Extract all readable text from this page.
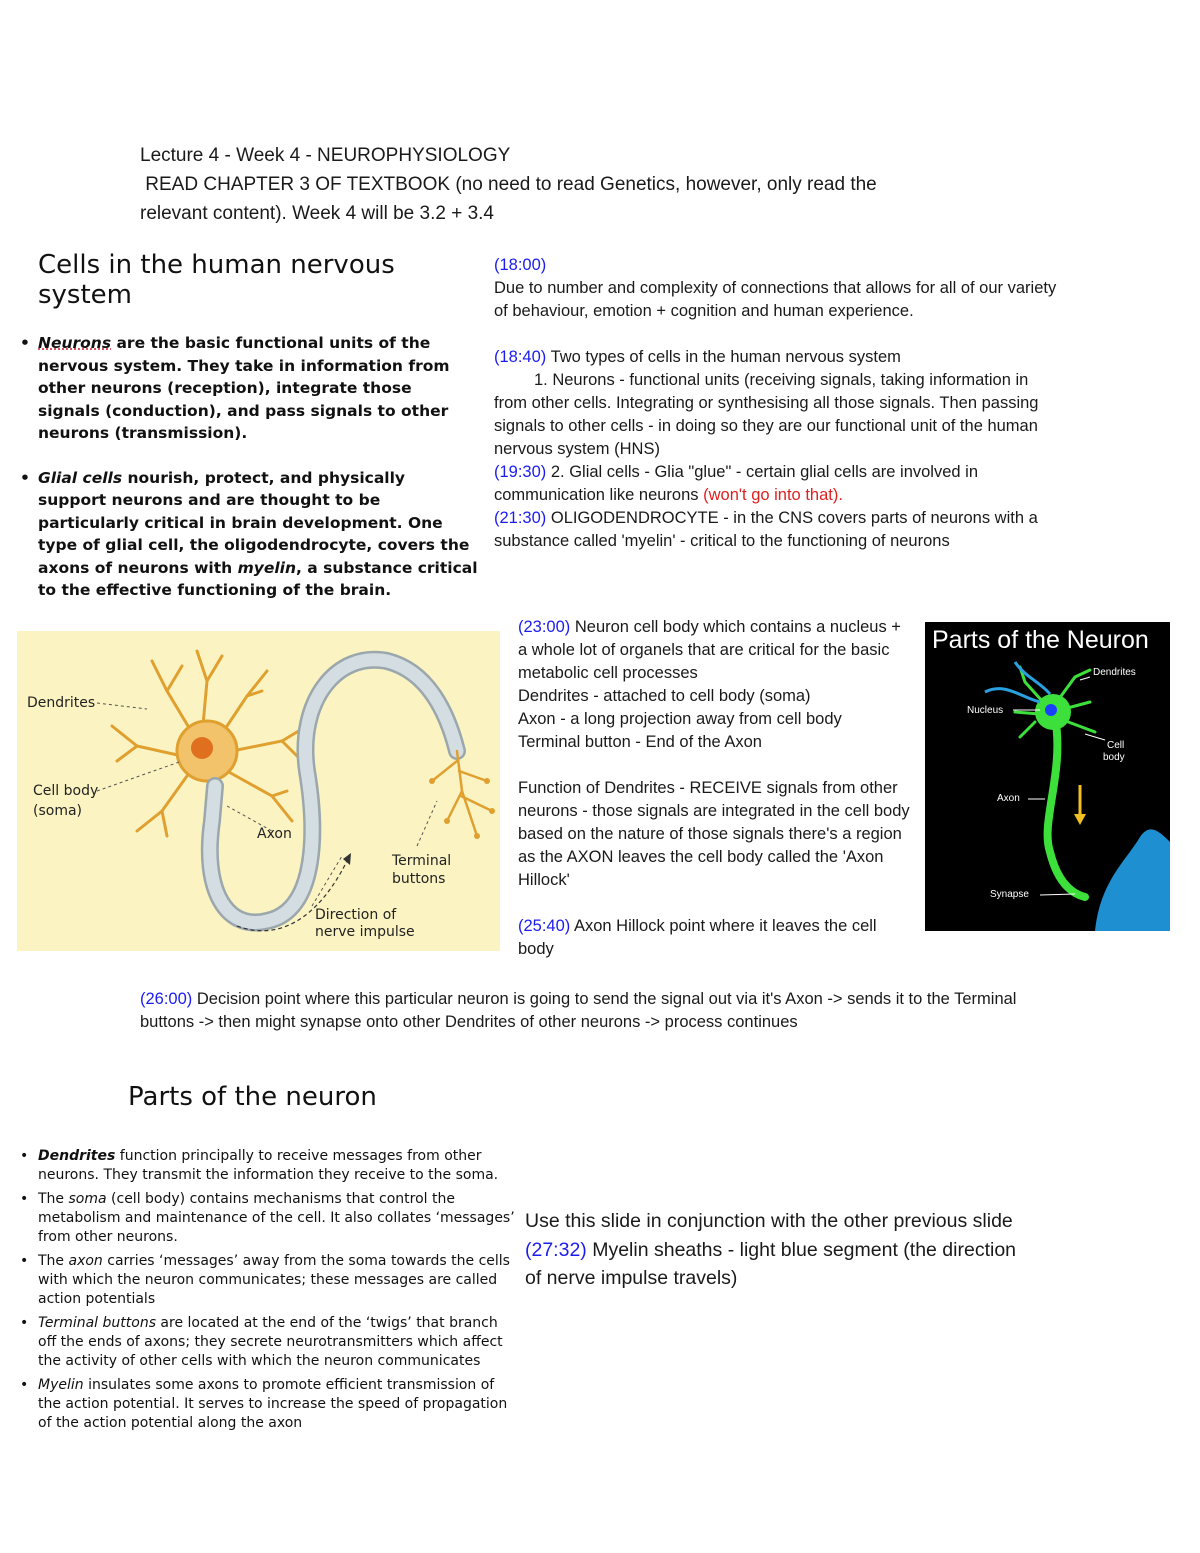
Lecture 4 - Week 4 - NEUROPHYSIOLOGY
READ CHAPTER 3 OF TEXTBOOK (no need to read Genetics, however, only read the
relevant content). Week 4 will be 3.2 + 3.4
Cells in the human nervous system
• Neurons are the basic functional units of the nervous system. They take in information from other neurons (reception), integrate those signals (conduction), and pass signals to other neurons (transmission).
• Glial cells nourish, protect, and physically support neurons and are thought to be particularly critical in brain development. One type of glial cell, the oligodendrocyte, covers the axons of neurons with myelin, a substance critical to the effective functioning of the brain.

(18:00)

Due to number and complexity of connections that allows for all of our variety of behaviour, emotion + cognition and human experience.

(18:40) Two types of cells in the human nervous system

1. Neurons - functional units (receiving signals, taking information in from other cells. Integrating or synthesising all those signals. Then passing signals to other cells - in doing so they are our functional unit of the human nervous system (HNS)

(19:30) 2. Glial cells - Glia "glue" - certain glial cells are involved in communication like neurons (won't go into that).

(21:30) OLIGODENDROCYTE - in the CNS covers parts of neurons with a substance called 'myelin' - critical to the functioning of neurons

Dendrites
Cell body
(soma)
Axon
Terminal
buttons
Direction of
nerve impulse

(23:00) Neuron cell body which contains a nucleus + a whole lot of organels that are critical for the basic metabolic cell processes

Dendrites - attached to cell body (soma)

Axon - a long projection away from cell body

Terminal button - End of the Axon

Function of Dendrites - RECEIVE signals from other neurons - those signals are integrated in the cell body based on the nature of those signals there's a region as the AXON leaves the cell body called the 'Axon Hillock'

(25:40) Axon Hillock point where it leaves the cell body

Parts of the Neuron
Dendrites
Nucleus
Cell
body
Axon
Synapse

(26:00) Decision point where this particular neuron is going to send the signal out via it's Axon -> sends it to the Terminal buttons -> then might synapse onto other Dendrites of other neurons -> process continues

Parts of the neuron
• Dendrites function principally to receive messages from other neurons. They transmit the information they receive to the soma.
• The soma (cell body) contains mechanisms that control the metabolism and maintenance of the cell. It also collates ‘messages’ from other neurons.
• The axon carries ‘messages’ away from the soma towards the cells with which the neuron communicates; these messages are called action potentials
• Terminal buttons are located at the end of the ‘twigs’ that branch off the ends of axons; they secrete neurotransmitters which affect the activity of other cells with which the neuron communicates
• Myelin insulates some axons to promote efficient transmission of the action potential. It serves to increase the speed of propagation of the action potential along the axon

Use this slide in conjunction with the other previous slide

(27:32) Myelin sheaths - light blue segment (the direction of nerve impulse travels)
